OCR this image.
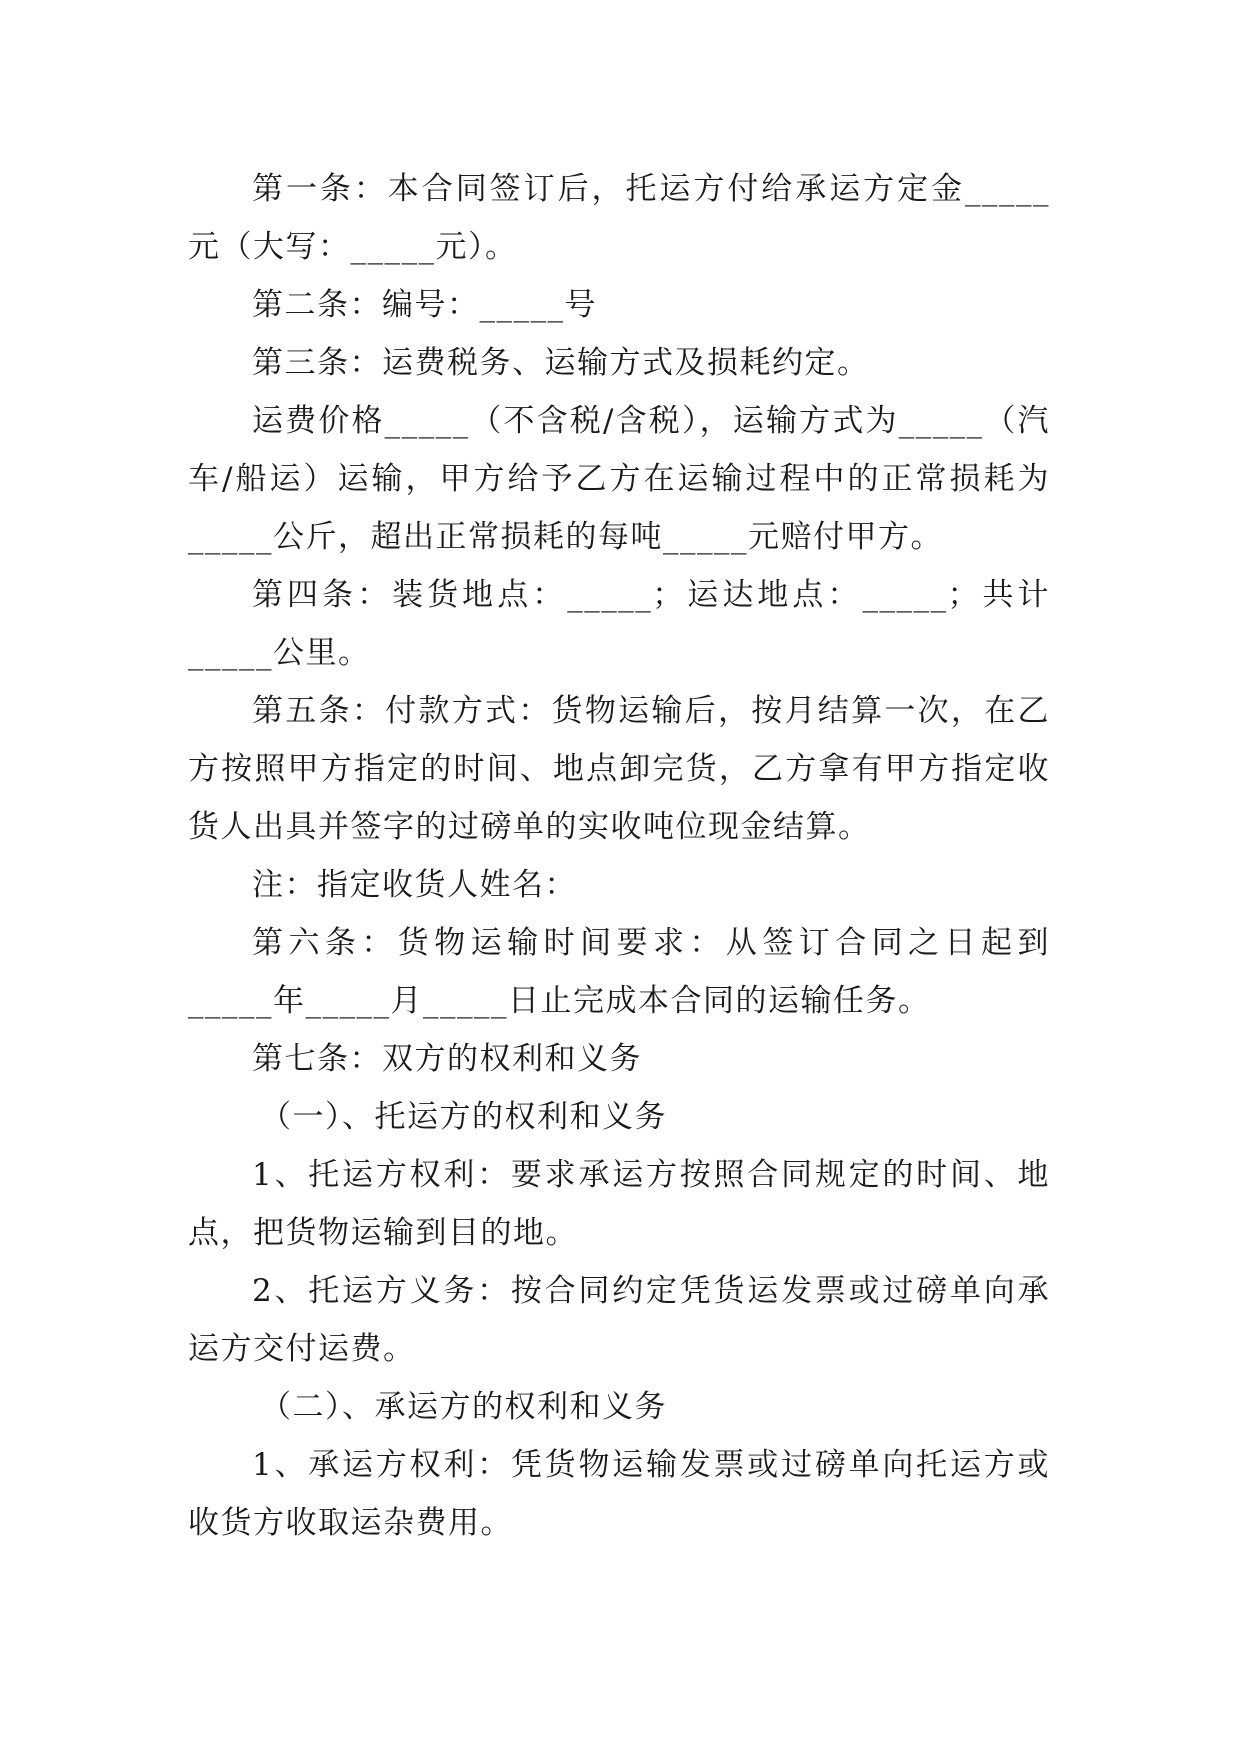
第一条：本合同签订后，托运方付给承运方定金_____元（大写：_____元）。

第二条：编号：_____号

第三条：运费税务、运输方式及损耗约定。

运费价格_____（不含税/含税），运输方式为_____（汽车/船运）运输，甲方给予乙方在运输过程中的正常损耗为_____公斤，超出正常损耗的每吨_____元赔付甲方。

第四条：装货地点：_____；运达地点：_____；共计_____公里。

第五条：付款方式：货物运输后，按月结算一次，在乙方按照甲方指定的时间、地点卸完货，乙方拿有甲方指定收货人出具并签字的过磅单的实收吨位现金结算。

注：指定收货人姓名：

第六条：货物运输时间要求：从签订合同之日起到_____年_____月_____日止完成本合同的运输任务。

第七条：双方的权利和义务

（一）、托运方的权利和义务

1、托运方权利：要求承运方按照合同规定的时间、地点，把货物运输到目的地。

2、托运方义务：按合同约定凭货运发票或过磅单向承运方交付运费。

（二）、承运方的权利和义务

1、承运方权利：凭货物运输发票或过磅单向托运方或收货方收取运杂费用。
